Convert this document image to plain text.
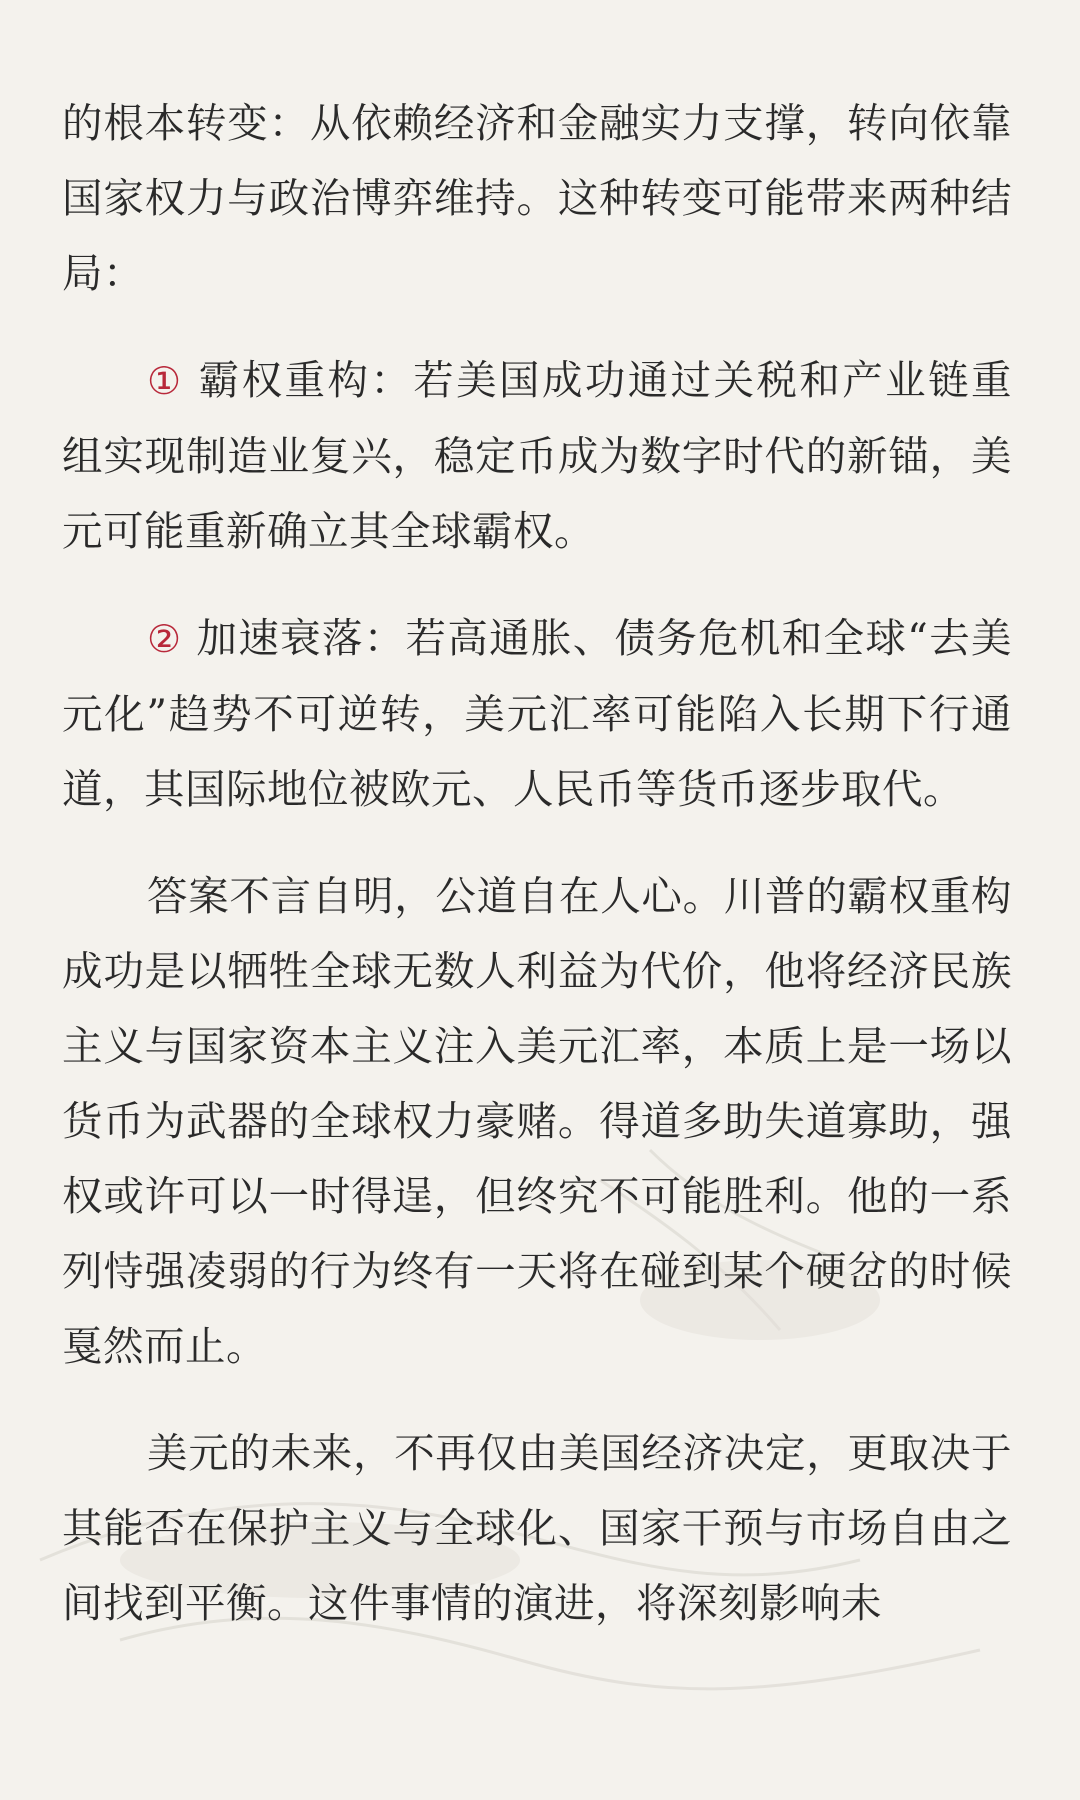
的根本转变：从依赖经济和金融实力支撑，转向依靠国家权力与政治博弈维持。这种转变可能带来两种结局：

① 霸权重构：若美国成功通过关税和产业链重组实现制造业复兴，稳定币成为数字时代的新锚，美元可能重新确立其全球霸权。

② 加速衰落：若高通胀、债务危机和全球“去美元化”趋势不可逆转，美元汇率可能陷入长期下行通道，其国际地位被欧元、人民币等货币逐步取代。

答案不言自明，公道自在人心。川普的霸权重构成功是以牺牲全球无数人利益为代价，他将经济民族主义与国家资本主义注入美元汇率，本质上是一场以货币为武器的全球权力豪赌。得道多助失道寡助，强权或许可以一时得逞，但终究不可能胜利。他的一系列恃强凌弱的行为终有一天将在碰到某个硬岔的时候戛然而止。

美元的未来，不再仅由美国经济决定，更取决于其能否在保护主义与全球化、国家干预与市场自由之间找到平衡。这件事情的演进，将深刻影响未
